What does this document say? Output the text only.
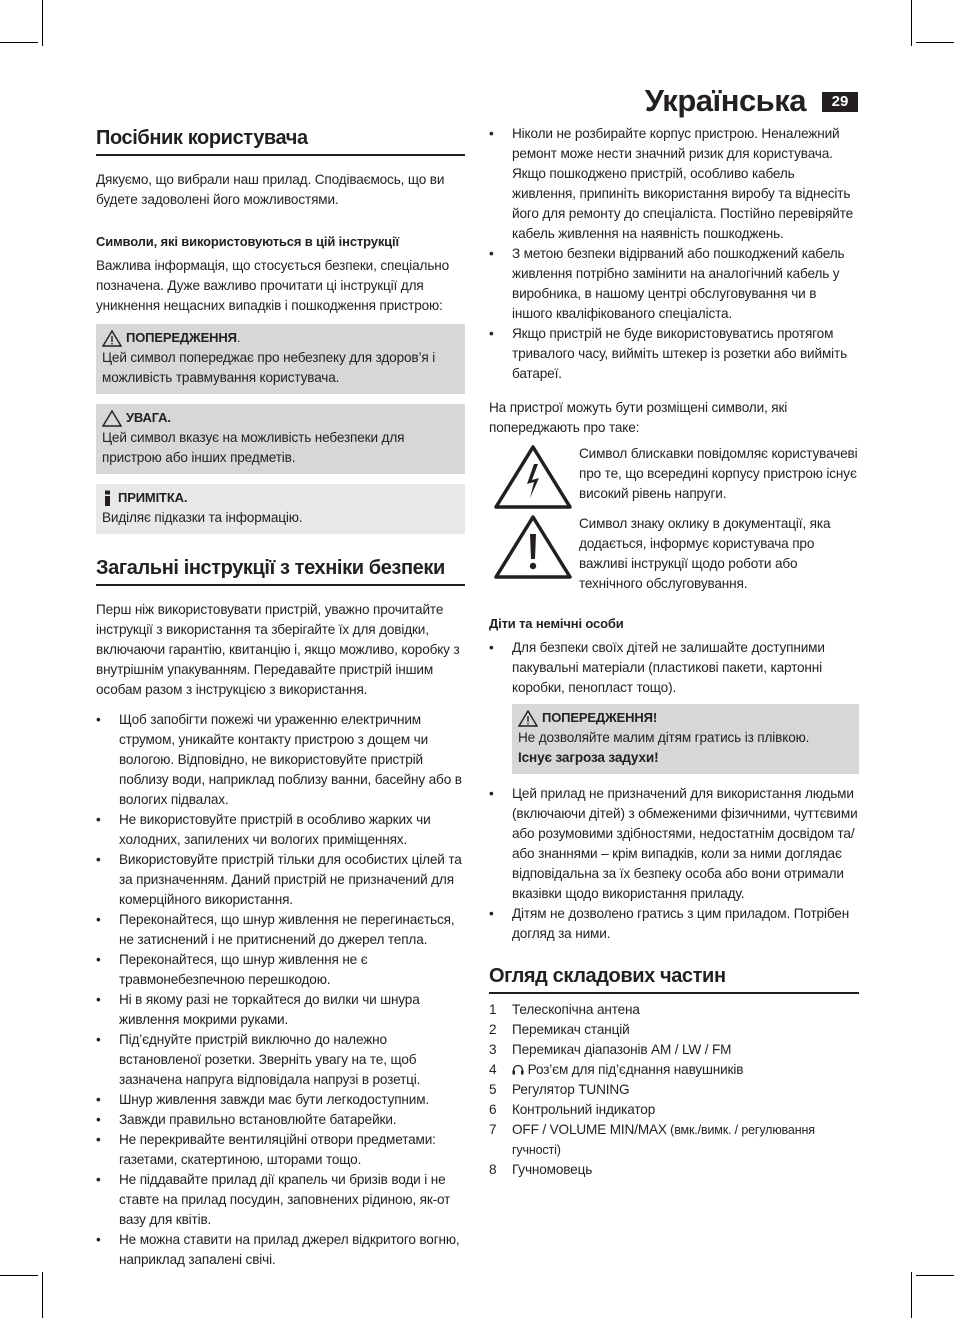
Українська	29
Посібник користувача

Дякуємо, що вибрали наш прилад. Сподіваємось, що ви будете задоволені його можливостями.

Символи, які використовуються в цій інструкції

Важлива інформація, що стосується безпеки, спеціально позначена. Дуже важливо прочитати ці інструкції для уникнення нещасних випадків і пошкодження пристрою:

ПОПЕРЕДЖЕННЯ .

Цей символ попереджає про небезпеку для здоров’я і можливість травмування користувача.

УВАГА.

Цей символ вказує на можливість небезпеки для пристрою або інших предметів.

ПРИМІТКА.

Виділяє підказки та інформацію.

Загальні інструкції з техніки безпеки

Перш ніж використовувати пристрій, уважно прочитайте інструкції з використання та зберігайте їх для довідки, включаючи гарантію, квитанцію і, якщо можливо, коробку з внутрішнім упакуванням. Передавайте пристрій іншим особам разом з інструкцією з використання.

• Щоб запобігти пожежі чи ураженню електричним струмом, уникайте контакту пристрою з дощем чи вологою. Відповідно, не використовуйте пристрій поблизу води, наприклад поблизу ванни, басейну або в вологих підвалах.
• Не використовуйте пристрій в особливо жарких чи холодних, запилених чи вологих приміщеннях.
• Використовуйте пристрій тільки для особистих цілей та за призначенням. Даний пристрій не призначений для комерційного використання.
• Переконайтеся, що шнур живлення не перегинається, не затиснений і не притиснений до джерел тепла.
• Переконайтеся, що шнур живлення не є травмонебезпечною перешкодою.
• Ні в якому разі не торкайтеся до вилки чи шнура живлення мокрими руками.
• Під’єднуйте пристрій виключно до належно встановленої розетки. Зверніть увагу на те, щоб зазначена напруга відповідала напрузі в розетці.
• Шнур живлення завжди має бути легкодоступним.
• Завжди правильно встановлюйте батарейки.
• Не перекривайте вентиляційні отвори предметами: газетами, скатертиною, шторами тощо.
• Не піддавайте прилад дії крапель чи бризів води і не ставте на прилад посудин, заповнених рідиною, як-от вазу для квітів.
• Не можна ставити на прилад джерел відкритого вогню, наприклад запалені свічі.
• Ніколи не розбирайте корпус пристрою. Неналежний ремонт може нести значний ризик для користувача. Якщо пошкоджено пристрій, особливо кабель живлення, припиніть використання виробу та віднесіть його для ремонту до спеціаліста. Постійно перевіряйте кабель живлення на наявність пошкоджень.
• З метою безпеки відірваний або пошкоджений кабель живлення потрібно замінити на аналогічний кабель у виробника, в нашому центрі обслуговування чи в іншого кваліфікованого спеціаліста.
• Якщо пристрій не буде використовуватись протягом тривалого часу, вийміть штекер із розетки або вийміть батареї.

На пристрої можуть бути розміщені символи, які попереджають про таке:

Символ блискавки повідомляє користувачеві про те, що всередині корпусу пристрою існує високий рівень напруги.

Символ знаку оклику в документації, яка додається, інформує користувача про важливі інструкції щодо роботи або технічного обслуговування.

Діти та немічні особи
• Для безпеки своїх дітей не залишайте доступними пакувальні матеріали (пластикові пакети, картонні коробки, пенопласт тощо).
ПОПЕРЕДЖЕННЯ!

Не дозволяйте малим дітям гратись із плівкою.

Існує загроза задухи!

• Цей прилад не призначений для використання людьми (включаючи дітей) з обмеженими фізичними, чуттєвими або розумовими здібностями, недостатнім досвідом та/або знаннями – крім випадків, коли за ними доглядає відповідальна за їх безпеку особа або вони отримали вказівки щодо використання приладу.
• Дітям не дозволено гратись з цим приладом. Потрібен догляд за ними.
Огляд складових частин
1 Телескопічна антена
2 Перемикач станцій
3 Перемикач діапазонів AM / LW / FM
4 Роз’єм для під’єднання навушників
5 Регулятор TUNING
6 Контрольний індикатор
7 OFF / VOLUME MIN/MAX (вмк./вимк. / регулювання гучності)
8 Гучномовець
